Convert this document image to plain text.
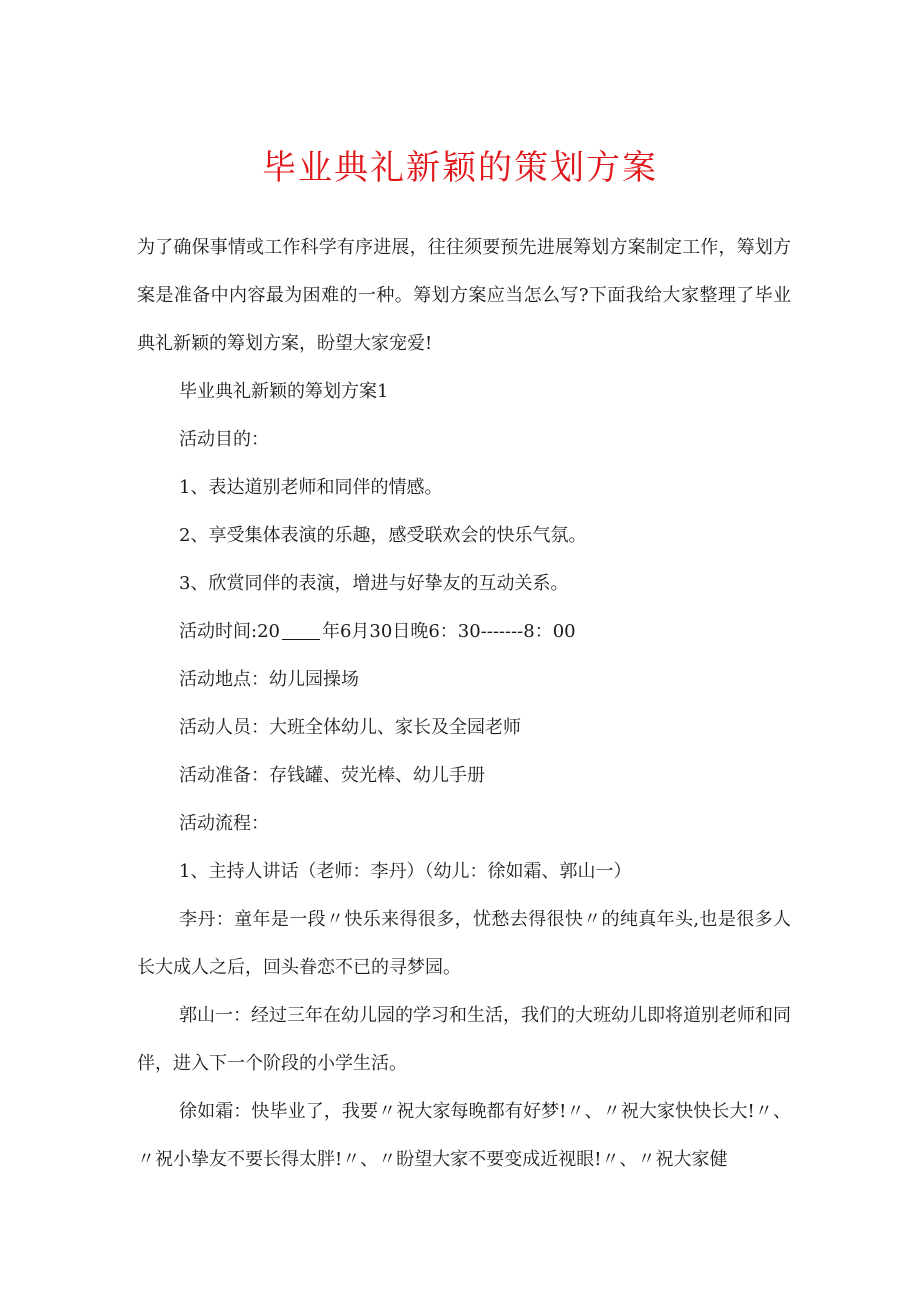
毕业典礼新颖的策划方案

为了确保事情或工作科学有序进展，往往须要预先进展筹划方案制定工作，筹划方案是准备中内容最为困难的一种。筹划方案应当怎么写?下面我给大家整理了毕业典礼新颖的筹划方案，盼望大家宠爱!

毕业典礼新颖的筹划方案1

活动目的：

1、表达道别老师和同伴的情感。

2、享受集体表演的乐趣，感受联欢会的快乐气氛。

3、欣赏同伴的表演，增进与好挚友的互动关系。

活动时间:20 年6月30日晚6：30-------8：00

活动地点：幼儿园操场

活动人员：大班全体幼儿、家长及全园老师

活动准备：存钱罐、荧光棒、幼儿手册

活动流程：

1、主持人讲话（老师：李丹）（幼儿：徐如霜、郭山一）

李丹：童年是一段〃快乐来得很多，忧愁去得很快〃的纯真年头,也是很多人长大成人之后，回头眷恋不已的寻梦园。

郭山一：经过三年在幼儿园的学习和生活，我们的大班幼儿即将道别老师和同伴，进入下一个阶段的小学生活。

徐如霜：快毕业了，我要〃祝大家每晚都有好梦!〃、〃祝大家快快长大!〃、〃祝小挚友不要长得太胖!〃、〃盼望大家不要变成近视眼!〃、〃祝大家健
